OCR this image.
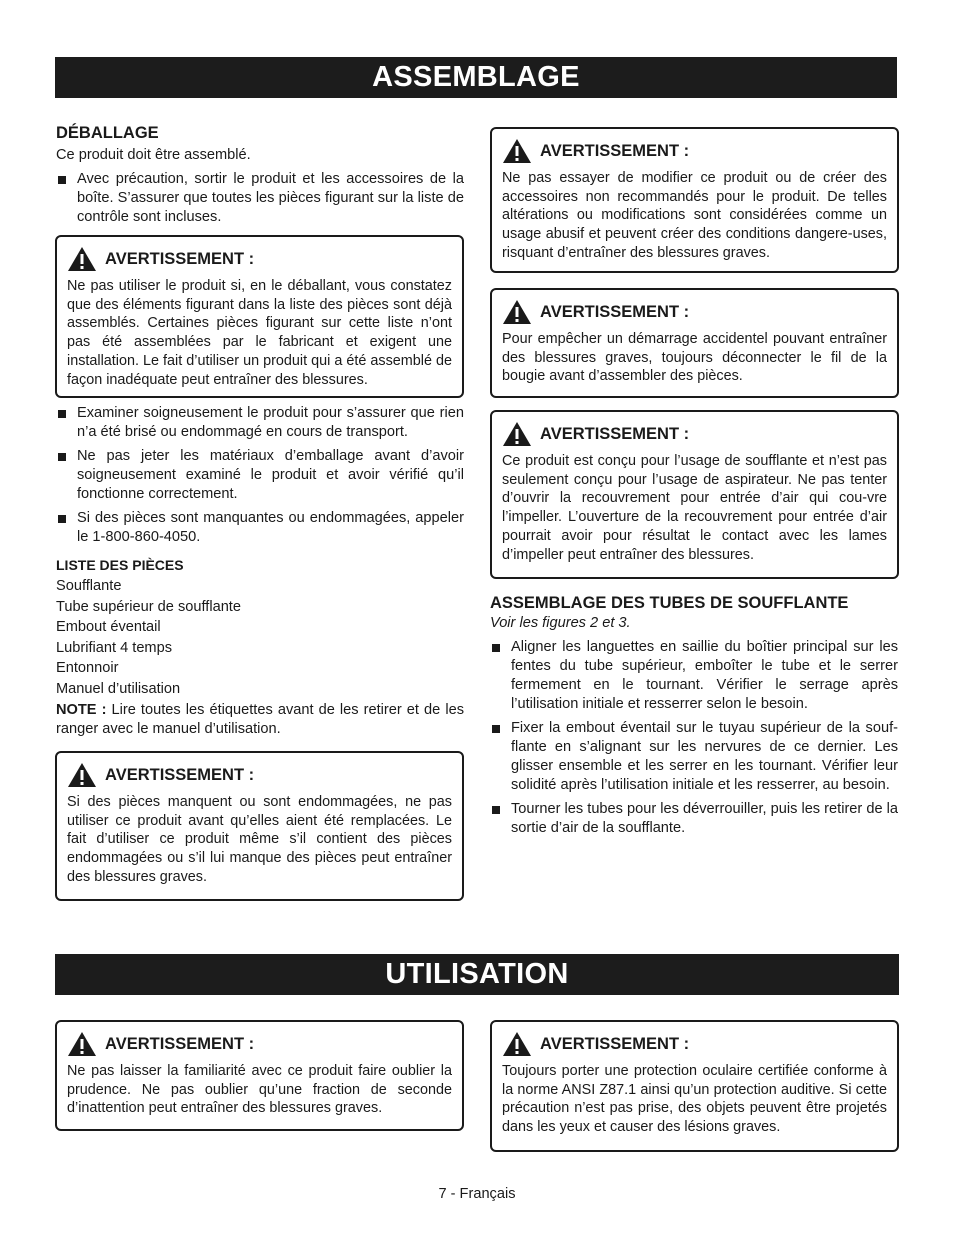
ASSEMBLAGE
DÉBALLAGE

Ce produit doit être assemblé.

Avec précaution, sortir le produit et les accessoires de la boîte. S’assurer que toutes les pièces figurant sur la liste de contrôle sont incluses.
AVERTISSEMENT :
Ne pas utiliser le produit si, en le déballant, vous constatez que des éléments figurant dans la liste des pièces sont déjà assemblés. Certaines pièces figurant sur cette liste n’ont pas été assemblées par le fabricant et exigent une installation. Le fait d’utiliser un produit qui a été assemblé de façon inadéquate peut entraîner des blessures.
Examiner soigneusement le produit pour s’assurer que rien n’a été brisé ou endommagé en cours de transport.
Ne pas jeter les matériaux d’emballage avant d’avoir soigneusement examiné le produit et avoir vérifié qu’il fonctionne correctement.
Si des pièces sont manquantes ou endommagées, appeler le 1-800-860-4050.
LISTE DES PIÈCES

Soufflante

Tube supérieur de soufflante

Embout éventail

Lubrifiant 4 temps

Entonnoir

Manuel d’utilisation

NOTE : Lire toutes les étiquettes avant de les retirer et de les ranger avec le manuel d’utilisation.

AVERTISSEMENT :
Si des pièces manquent ou sont endommagées, ne pas utiliser ce produit avant qu’elles aient été remplacées. Le fait d’utiliser ce produit même s’il contient des pièces endommagées ou s’il lui manque des pièces peut entraîner des blessures graves.
AVERTISSEMENT :
Ne pas essayer de modifier ce produit ou de créer des accessoires non recommandés pour le produit. De telles altérations ou modifications sont considérées comme un usage abusif et peuvent créer des conditions dangere-uses, risquant d’entraîner des blessures graves.
AVERTISSEMENT :
Pour empêcher un démarrage accidentel pouvant entraîner des blessures graves, toujours déconnecter le fil de la bougie avant d’assembler des pièces.
AVERTISSEMENT :
Ce produit est conçu pour l’usage de soufflante et n’est pas seulement conçu pour l’usage de aspirateur. Ne pas tenter d’ouvrir la recouvrement pour entrée d’air qui cou-vre l’impeller. L’ouverture de la recouvrement pour entrée d’air pourrait avoir pour résultat le contact avec les lames d’impeller peut entraîner des blessures.
ASSEMBLAGE DES TUBES DE SOUFFLANTE

Voir les figures 2 et 3.

Aligner les languettes en saillie du boîtier principal sur les fentes du tube supérieur, emboîter le tube et le serrer fermement en le tournant. Vérifier le serrage après l’utilisation initiale et resserrer selon le besoin.
Fixer la embout éventail sur le tuyau supérieur de la souf-flante en s’alignant sur les nervures de ce dernier. Les glisser ensemble et les serrer en les tournant. Vérifier leur solidité après l’utilisation initiale et les resserrer, au besoin.
Tourner les tubes pour les déverrouiller, puis les retirer de la sortie d’air de la soufflante.
UTILISATION
AVERTISSEMENT :
Ne pas laisser la familiarité avec ce produit faire oublier la prudence. Ne pas oublier qu’une fraction de seconde d’inattention peut entraîner des blessures graves.
AVERTISSEMENT :
Toujours porter une protection oculaire certifiée conforme à la norme ANSI Z87.1 ainsi qu’un protection auditive. Si cette précaution n’est pas prise, des objets peuvent être projetés dans les yeux et causer des lésions graves.
7 - Français
